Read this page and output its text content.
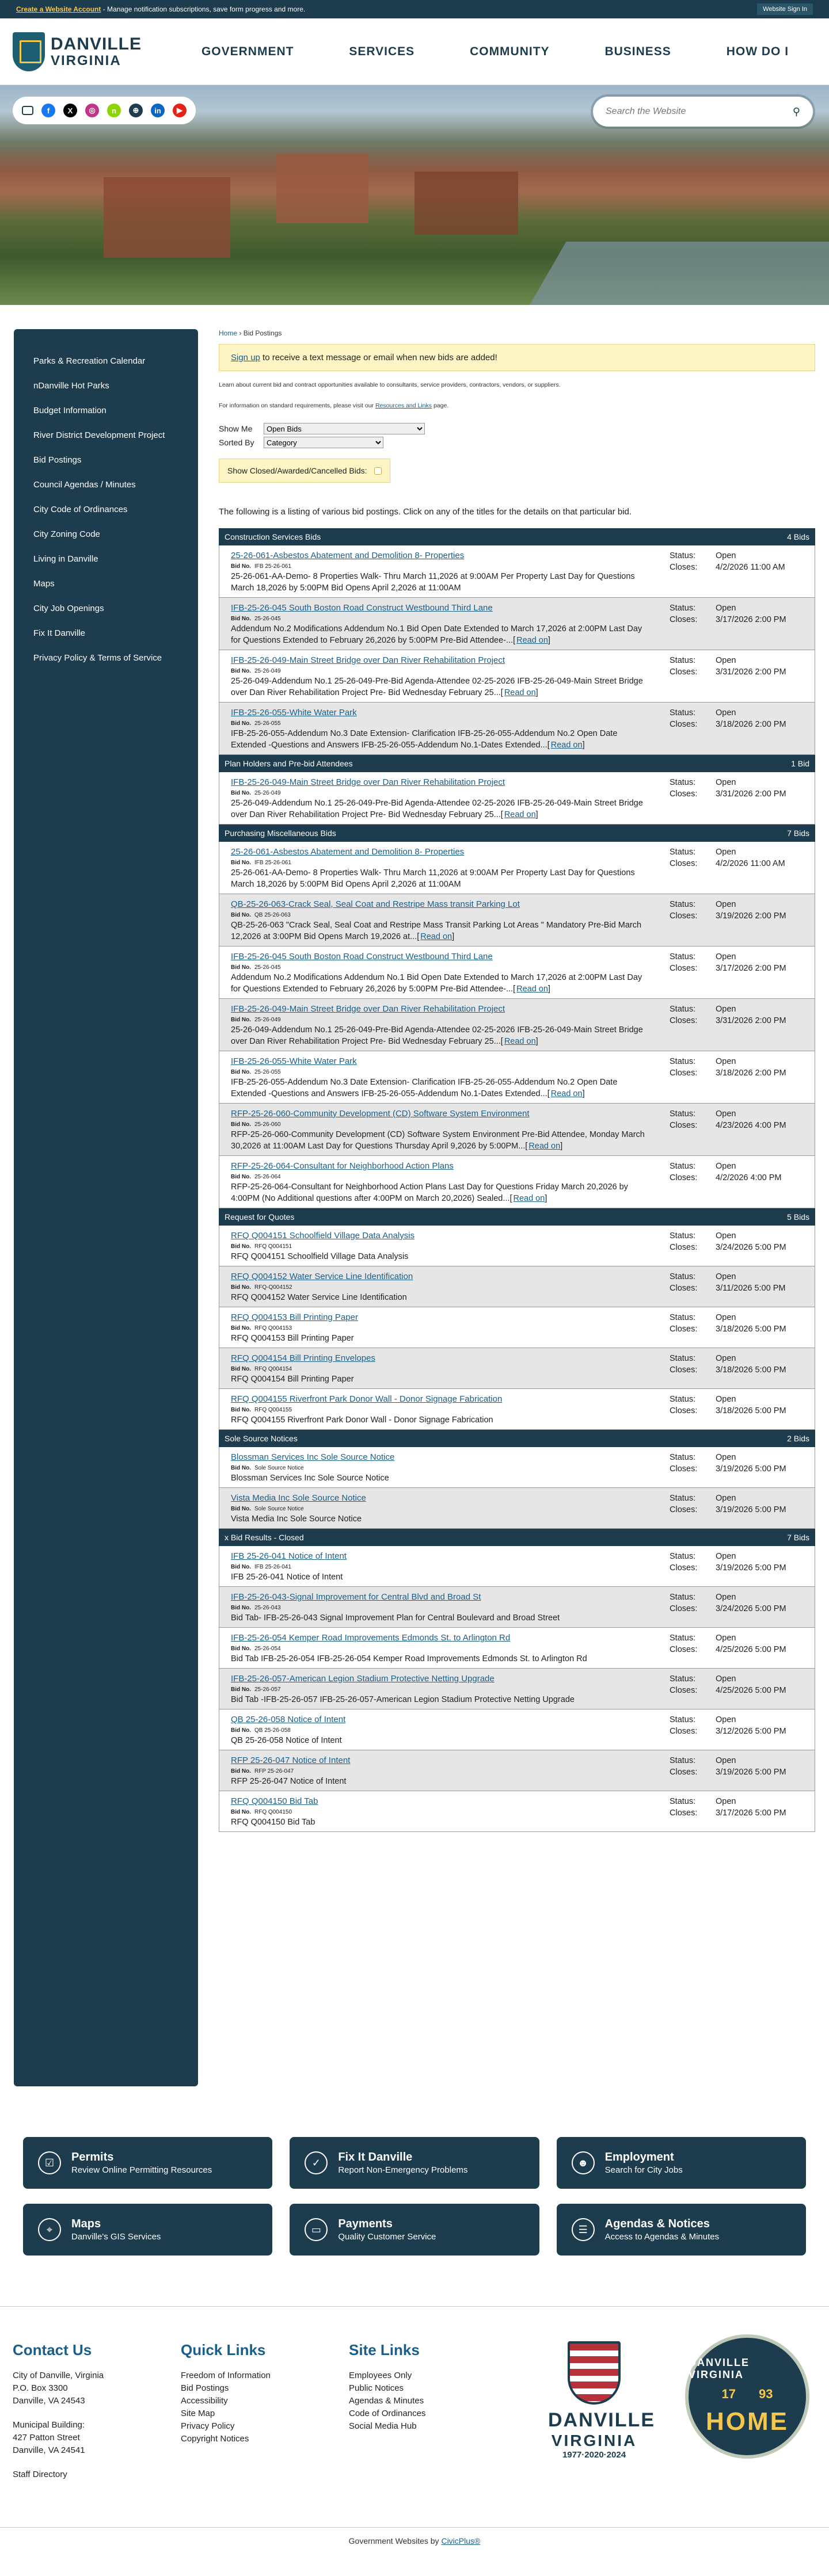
Create a Website Account - Manage notification subscriptions, save form progress and more.	Website Sign In
DANVILLE
VIRGINIA
GOVERNMENT	SERVICES	COMMUNITY	BUSINESS	HOW DO I
f	X	◎	n	⊕	in	▶
Search the Website	⚲
Parks & Recreation Calendar
nDanville Hot Parks
Budget Information
River District Development Project
Bid Postings
Council Agendas / Minutes
City Code of Ordinances
City Zoning Code
Living in Danville
Maps
City Job Openings
Fix It Danville
Privacy Policy & Terms of Service
Home › Bid Postings
Sign up to receive a text message or email when new bids are added!

Learn about current bid and contract opportunities available to consultants, service providers, contractors, vendors, or suppliers.

For information on standard requirements, please visit our Resources and Links page.

Show Me
Open Bids
Sorted By
Category
Show Closed/Awarded/Cancelled Bids:

The following is a listing of various bid postings. Click on any of the titles for the details on that particular bid.

Construction Services Bids	4 Bids
25-26-061-Asbestos Abatement and Demolition 8- Properties
Bid No. IFB 25-26-061
25-26-061-AA-Demo- 8 Properties Walk- Thru March 11,2026 at 9:00AM Per Property Last Day for Questions March 18,2026 by 5:00PM Bid Opens April 2,2026 at 11:00AM
Status:	Open
Closes:	4/2/2026 11:00 AM
IFB-25-26-045 South Boston Road Construct Westbound Third Lane
Bid No. 25-26-045
Addendum No.2 Modifications Addendum No.1 Bid Open Date Extended to March 17,2026 at 2:00PM Last Day for Questions Extended to February 26,2026 by 5:00PM Pre-Bid Attendee-...[ Read on]
Status:	Open
Closes:	3/17/2026 2:00 PM
IFB-25-26-049-Main Street Bridge over Dan River Rehabilitation Project
Bid No. 25-26-049
25-26-049-Addendum No.1 25-26-049-Pre-Bid Agenda-Attendee 02-25-2026 IFB-25-26-049-Main Street Bridge over Dan River Rehabilitation Project Pre- Bid Wednesday February 25...[ Read on]
Status:	Open
Closes:	3/31/2026 2:00 PM
IFB-25-26-055-White Water Park
Bid No. 25-26-055
IFB-25-26-055-Addendum No.3 Date Extension- Clarification IFB-25-26-055-Addendum No.2 Open Date Extended -Questions and Answers IFB-25-26-055-Addendum No.1-Dates Extended...[ Read on]
Status:	Open
Closes:	3/18/2026 2:00 PM
Plan Holders and Pre-bid Attendees	1 Bid
IFB-25-26-049-Main Street Bridge over Dan River Rehabilitation Project
Bid No. 25-26-049
25-26-049-Addendum No.1 25-26-049-Pre-Bid Agenda-Attendee 02-25-2026 IFB-25-26-049-Main Street Bridge over Dan River Rehabilitation Project Pre- Bid Wednesday February 25...[ Read on]
Status:	Open
Closes:	3/31/2026 2:00 PM
Purchasing Miscellaneous Bids	7 Bids
25-26-061-Asbestos Abatement and Demolition 8- Properties
Bid No. IFB 25-26-061
25-26-061-AA-Demo- 8 Properties Walk- Thru March 11,2026 at 9:00AM Per Property Last Day for Questions March 18,2026 by 5:00PM Bid Opens April 2,2026 at 11:00AM
Status:	Open
Closes:	4/2/2026 11:00 AM
QB-25-26-063-Crack Seal, Seal Coat and Restripe Mass transit Parking Lot
Bid No. QB 25-26-063
QB-25-26-063 "Crack Seal, Seal Coat and Restripe Mass Transit Parking Lot Areas " Mandatory Pre-Bid March 12,2026 at 3:00PM Bid Opens March 19,2026 at...[ Read on]
Status:	Open
Closes:	3/19/2026 2:00 PM
IFB-25-26-045 South Boston Road Construct Westbound Third Lane
Bid No. 25-26-045
Addendum No.2 Modifications Addendum No.1 Bid Open Date Extended to March 17,2026 at 2:00PM Last Day for Questions Extended to February 26,2026 by 5:00PM Pre-Bid Attendee-...[ Read on]
Status:	Open
Closes:	3/17/2026 2:00 PM
IFB-25-26-049-Main Street Bridge over Dan River Rehabilitation Project
Bid No. 25-26-049
25-26-049-Addendum No.1 25-26-049-Pre-Bid Agenda-Attendee 02-25-2026 IFB-25-26-049-Main Street Bridge over Dan River Rehabilitation Project Pre- Bid Wednesday February 25...[ Read on]
Status:	Open
Closes:	3/31/2026 2:00 PM
IFB-25-26-055-White Water Park
Bid No. 25-26-055
IFB-25-26-055-Addendum No.3 Date Extension- Clarification IFB-25-26-055-Addendum No.2 Open Date Extended -Questions and Answers IFB-25-26-055-Addendum No.1-Dates Extended...[ Read on]
Status:	Open
Closes:	3/18/2026 2:00 PM
RFP-25-26-060-Community Development (CD) Software System Environment
Bid No. 25-26-060
RFP-25-26-060-Community Development (CD) Software System Environment Pre-Bid Attendee, Monday March 30,2026 at 11:00AM Last Day for Questions Thursday April 9,2026 by 5:00PM...[ Read on]
Status:	Open
Closes:	4/23/2026 4:00 PM
RFP-25-26-064-Consultant for Neighborhood Action Plans
Bid No. 25-26-064
RFP-25-26-064-Consultant for Neighborhood Action Plans Last Day for Questions Friday March 20,2026 by 4:00PM (No Additional questions after 4:00PM on March 20,2026) Sealed...[ Read on]
Status:	Open
Closes:	4/2/2026 4:00 PM
Request for Quotes	5 Bids
RFQ Q004151 Schoolfield Village Data Analysis
Bid No. RFQ Q004151
RFQ Q004151 Schoolfield Village Data Analysis
Status:	Open
Closes:	3/24/2026 5:00 PM
RFQ Q004152 Water Service Line Identification
Bid No. RFQ-Q004152
RFQ Q004152 Water Service Line Identification
Status:	Open
Closes:	3/11/2026 5:00 PM
RFQ Q004153 Bill Printing Paper
Bid No. RFQ Q004153
RFQ Q004153 Bill Printing Paper
Status:	Open
Closes:	3/18/2026 5:00 PM
RFQ Q004154 Bill Printing Envelopes
Bid No. RFQ Q004154
RFQ Q004154 Bill Printing Paper
Status:	Open
Closes:	3/18/2026 5:00 PM
RFQ Q004155 Riverfront Park Donor Wall - Donor Signage Fabrication
Bid No. RFQ Q004155
RFQ Q004155 Riverfront Park Donor Wall - Donor Signage Fabrication
Status:	Open
Closes:	3/18/2026 5:00 PM
Sole Source Notices	2 Bids
Blossman Services Inc Sole Source Notice
Bid No. Sole Source Notice
Blossman Services Inc Sole Source Notice
Status:	Open
Closes:	3/19/2026 5:00 PM
Vista Media Inc Sole Source Notice
Bid No. Sole Source Notice
Vista Media Inc Sole Source Notice
Status:	Open
Closes:	3/19/2026 5:00 PM
x Bid Results - Closed	7 Bids
IFB 25-26-041 Notice of Intent
Bid No. IFB 25-26-041
IFB 25-26-041 Notice of Intent
Status:	Open
Closes:	3/19/2026 5:00 PM
IFB-25-26-043-Signal Improvement for Central Blvd and Broad St
Bid No. 25-26-043
Bid Tab- IFB-25-26-043 Signal Improvement Plan for Central Boulevard and Broad Street
Status:	Open
Closes:	3/24/2026 5:00 PM
IFB-25-26-054 Kemper Road Improvements Edmonds St. to Arlington Rd
Bid No. 25-26-054
Bid Tab IFB-25-26-054 IFB-25-26-054 Kemper Road Improvements Edmonds St. to Arlington Rd
Status:	Open
Closes:	4/25/2026 5:00 PM
IFB-25-26-057-American Legion Stadium Protective Netting Upgrade
Bid No. 25-26-057
Bid Tab -IFB-25-26-057 IFB-25-26-057-American Legion Stadium Protective Netting Upgrade
Status:	Open
Closes:	4/25/2026 5:00 PM
QB 25-26-058 Notice of Intent
Bid No. QB 25-26-058
QB 25-26-058 Notice of Intent
Status:	Open
Closes:	3/12/2026 5:00 PM
RFP 25-26-047 Notice of Intent
Bid No. RFP 25-26-047
RFP 25-26-047 Notice of Intent
Status:	Open
Closes:	3/19/2026 5:00 PM
RFQ Q004150 Bid Tab
Bid No. RFQ Q004150
RFQ Q004150 Bid Tab
Status:	Open
Closes:	3/17/2026 5:00 PM
☑	Permits
Review Online Permitting Resources
✓	Fix It Danville
Report Non-Emergency Problems
☻	Employment
Search for City Jobs
⌖	Maps
Danville's GIS Services
▭	Payments
Quality Customer Service
☰	Agendas & Notices
Access to Agendas & Minutes
Contact Us

City of Danville, Virginia

P.O. Box 3300

Danville, VA 24543

Municipal Building:

427 Patton Street

Danville, VA 24541

Staff Directory
Quick Links
Freedom of Information
Bid Postings
Accessibility
Site Map
Privacy Policy
Copyright Notices
Site Links
Employees Only
Public Notices
Agendas & Minutes
Code of Ordinances
Social Media Hub	DANVILLE
VIRGINIA
1977·2020·2024
DANVILLE VIRGINIA
17 93
HOME
Government Websites by
CivicPlus®
